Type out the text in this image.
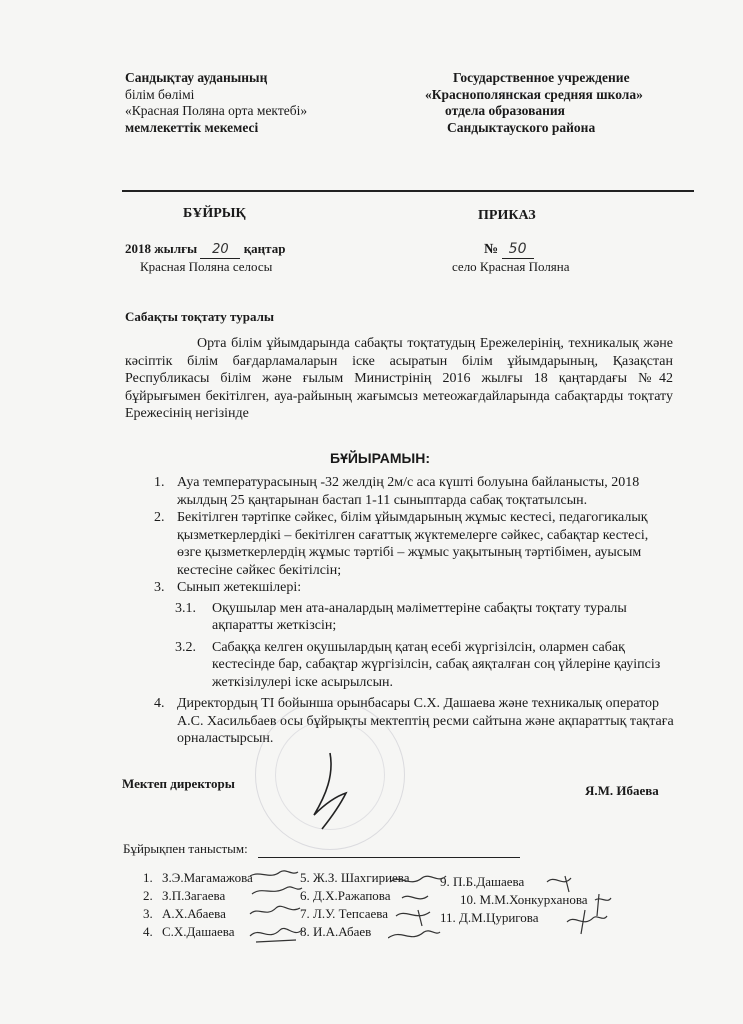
Сандықтау ауданының
білім бөлімі
«Красная Поляна орта мектебі»
мемлекеттік мекемесі
Государственное учреждение
«Краснополянская средняя школа»
отдела образования
Сандыктауского района
БҰЙРЫҚ	ПРИКАЗ
2018 жылғы 20 қаңтар
Красная Поляна селосы
№ 50
село Красная Поляна
Сабақты тоқтату туралы
Орта білім ұйымдарында сабақты тоқтатудың Ережелерінің, техникалық және кәсіптік білім бағдарламаларын іске асыратын білім ұйымдарының, Қазақстан Республикасы білім және ғылым Министрінің 2016 жылғы 18 қаңтардағы №42 бұйрығымен бекітілген, ауа-райының жағымсыз метеожағдайларында сабақтарды тоқтату Ережесінің негізінде
БҰЙЫРАМЫН:
1. Ауа температурасының -32 желдің 2м/с аса күшті болуына байланысты, 2018 жылдың 25 қаңтарынан бастап 1-11 сыныптарда сабақ тоқтатылсын.
2. Бекітілген тәртіпке сәйкес, білім ұйымдарының жұмыс кестесі, педагогикалық қызметкерлердікі – бекітілген сағаттық жүктемелерге сәйкес, сабақтар кестесі, өзге қызметкерлердің жұмыс тәртібі – жұмыс уақытының тәртібімен, ауысым кестесіне сәйкес бекітілсін;
3. Сынып жетекшілері:
3.1. Оқушылар мен ата-аналардың мәліметтеріне сабақты тоқтату туралы ақпаратты жеткізсін;
3.2. Сабаққа келген оқушылардың қатаң есебі жүргізілсін, олармен сабақ кестесінде бар, сабақтар жүргізілсін, сабақ аяқталған соң үйлеріне қауіпсіз жеткізілулері іске асырылсын.
4. Директордың ТІ бойынша орынбасары С.Х. Дашаева және техникалық оператор А.С. Хасильбаев осы бұйрықты мектептің ресми сайтына және ақпараттық тақтаға орналастырсын.
Мектеп директоры	Я.М. Ибаева
Бұйрықпен таныстым:
1. З.Э.Магамажова
2. З.П.Загаева
3. А.Х.Абаева
4. С.Х.Дашаева
5. Ж.З. Шахгириева
6. Д.Х.Ражапова
7. Л.У. Тепсаева
8. И.А.Абаев
9. П.Б.Дашаева
10. М.М.Хонкурханова
11. Д.М.Цуригова
